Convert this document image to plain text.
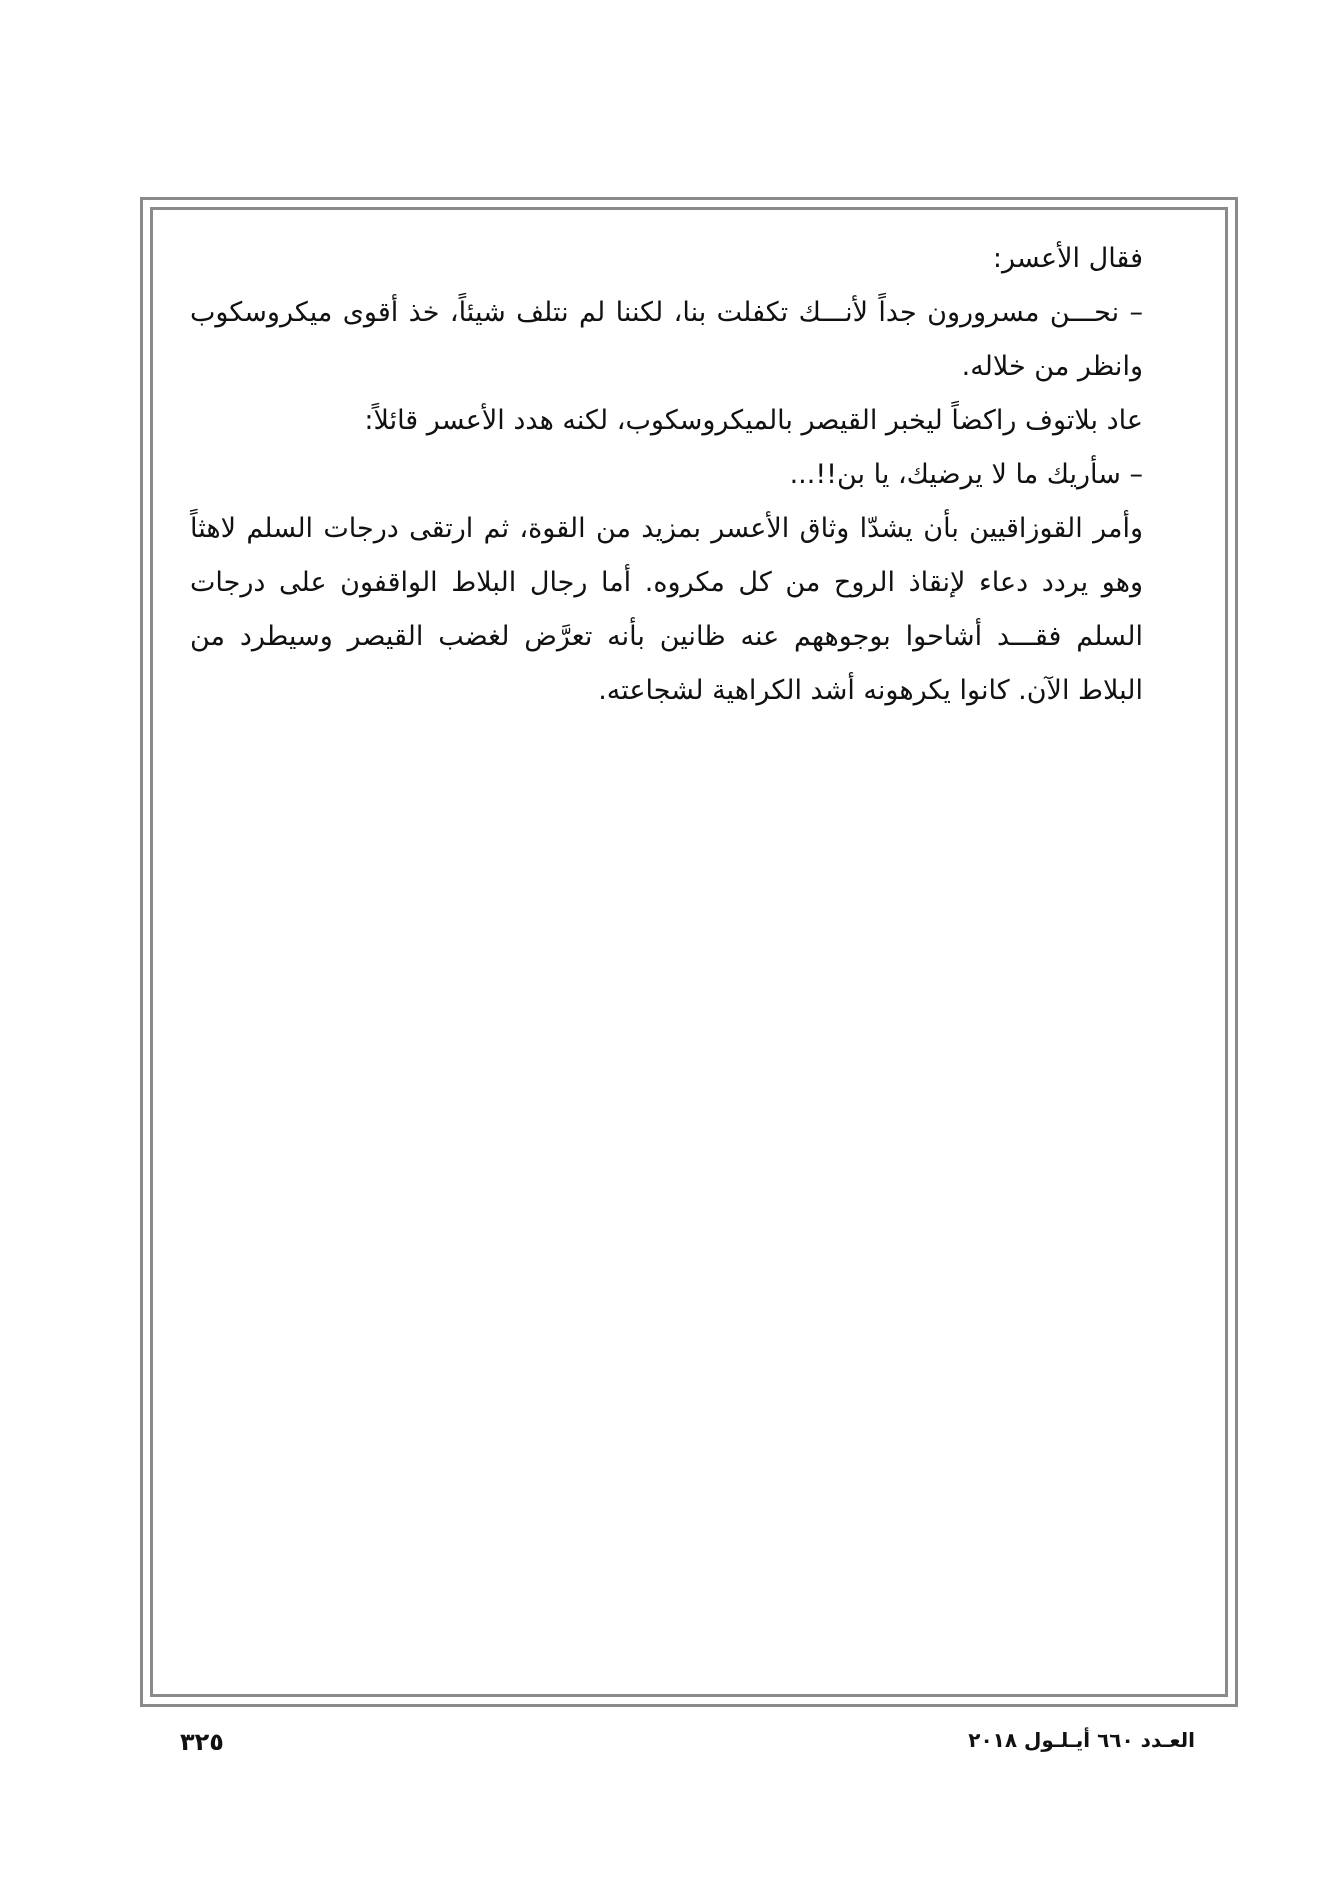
فقال الأعسر:

– نحـــن مسرورون جداً لأنـــك تكفلت بنا، لكننا لم نتلف شيئاً، خذ أقوى ميكروسكوب وانظر من خلاله.

عاد بلاتوف راكضاً ليخبر القيصر بالميكروسكوب، لكنه هدد الأعسر قائلاً:

– سأريك ما لا يرضيك، يا بن!!...

وأمر القوزاقيين بأن يشدّا وثاق الأعسر بمزيد من القوة، ثم ارتقى درجات السلم لاهثاً وهو يردد دعاء لإنقاذ الروح من كل مكروه. أما رجال البلاط الواقفون على درجات السلم فقـــد أشاحوا بوجوههم عنه ظانين بأنه تعرَّض لغضب القيصر وسيطرد من البلاط الآن. كانوا يكرهونه أشد الكراهية لشجاعته.

٣٢٥	العـدد ٦٦٠ أيـلـول ٢٠١٨
